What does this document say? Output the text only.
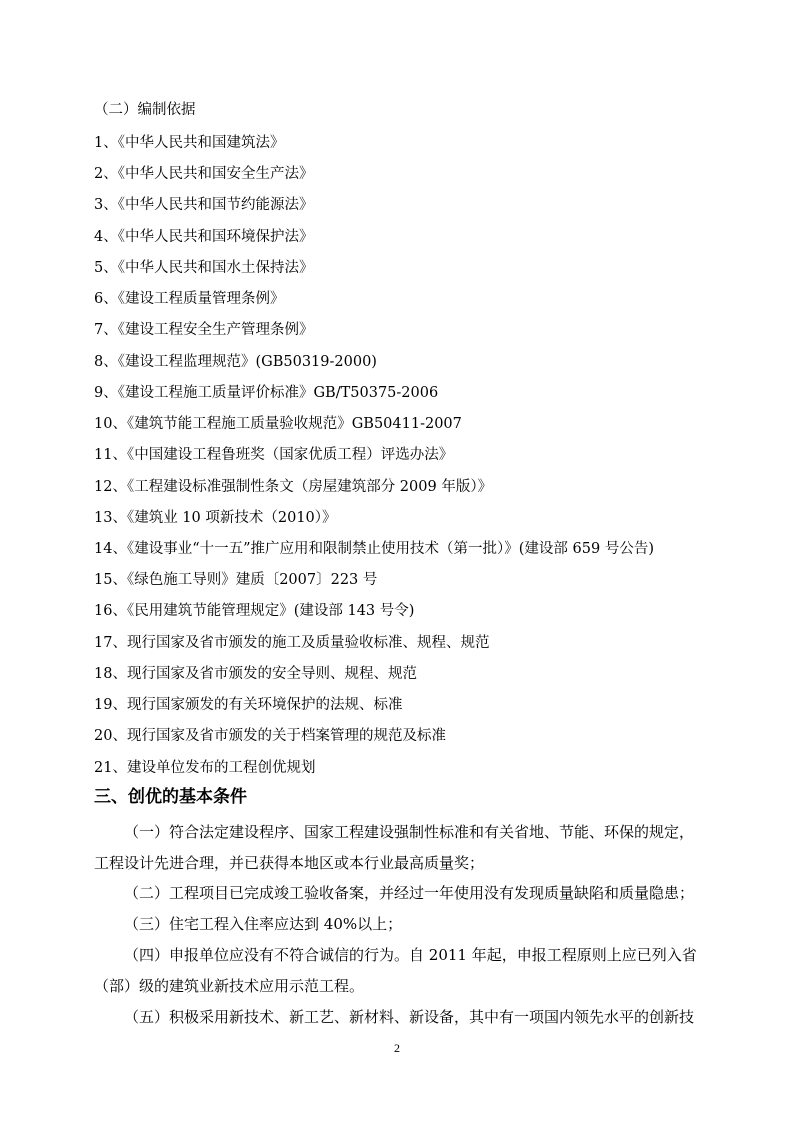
（二）编制依据
1、《中华人民共和国建筑法》
2、《中华人民共和国安全生产法》
3、《中华人民共和国节约能源法》
4、《中华人民共和国环境保护法》
5、《中华人民共和国水土保持法》
6、《建设工程质量管理条例》
7、《建设工程安全生产管理条例》
8、《建设工程监理规范》(GB50319-2000)
9、《建设工程施工质量评价标准》GB/T50375-2006
10、《建筑节能工程施工质量验收规范》GB50411-2007
11、《中国建设工程鲁班奖（国家优质工程）评选办法》
12、《工程建设标准强制性条文（房屋建筑部分 2009 年版）》
13、《建筑业 10 项新技术（2010）》
14、《建设事业“十一五”推广应用和限制禁止使用技术（第一批）》(建设部 659 号公告)
15、《绿色施工导则》建质〔2007〕223 号
16、《民用建筑节能管理规定》(建设部 143 号令)
17、现行国家及省市颁发的施工及质量验收标准、规程、规范
18、现行国家及省市颁发的安全导则、规程、规范
19、现行国家颁发的有关环境保护的法规、标准
20、现行国家及省市颁发的关于档案管理的规范及标准
21、建设单位发布的工程创优规划
三、创优的基本条件
（一）符合法定建设程序、国家工程建设强制性标准和有关省地、节能、环保的规定，
工程设计先进合理，并已获得本地区或本行业最高质量奖；
（二）工程项目已完成竣工验收备案，并经过一年使用没有发现质量缺陷和质量隐患；
（三）住宅工程入住率应达到 40%以上；
（四）申报单位应没有不符合诚信的行为。自 2011 年起，申报工程原则上应已列入省
（部）级的建筑业新技术应用示范工程。
（五）积极采用新技术、新工艺、新材料、新设备，其中有一项国内领先水平的创新技
2
